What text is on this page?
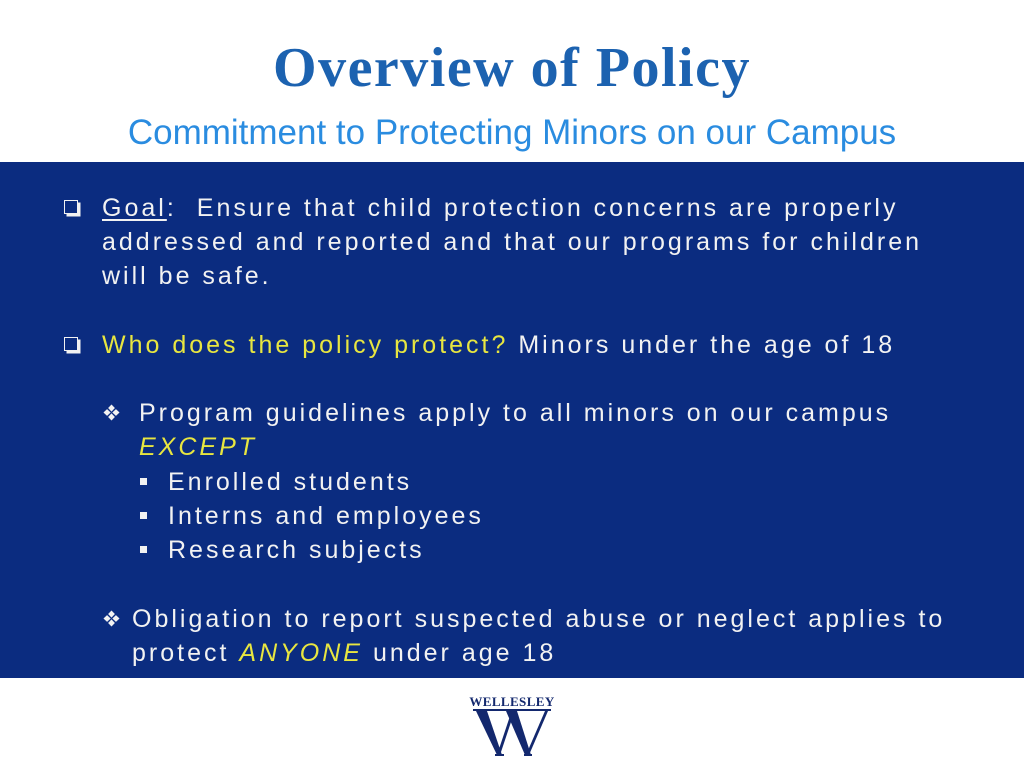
Overview of Policy
Commitment to Protecting Minors on our Campus
Goal: Ensure that child protection concerns are properly
addressed and reported and that our programs for children
will be safe.
Who does the policy protect? Minors under the age of 18
Program guidelines apply to all minors on our campus
EXCEPT
Enrolled students
Interns and employees
Research subjects
Obligation to report suspected abuse or neglect applies to
protect ANYONE under age 18
WELLESLEY
